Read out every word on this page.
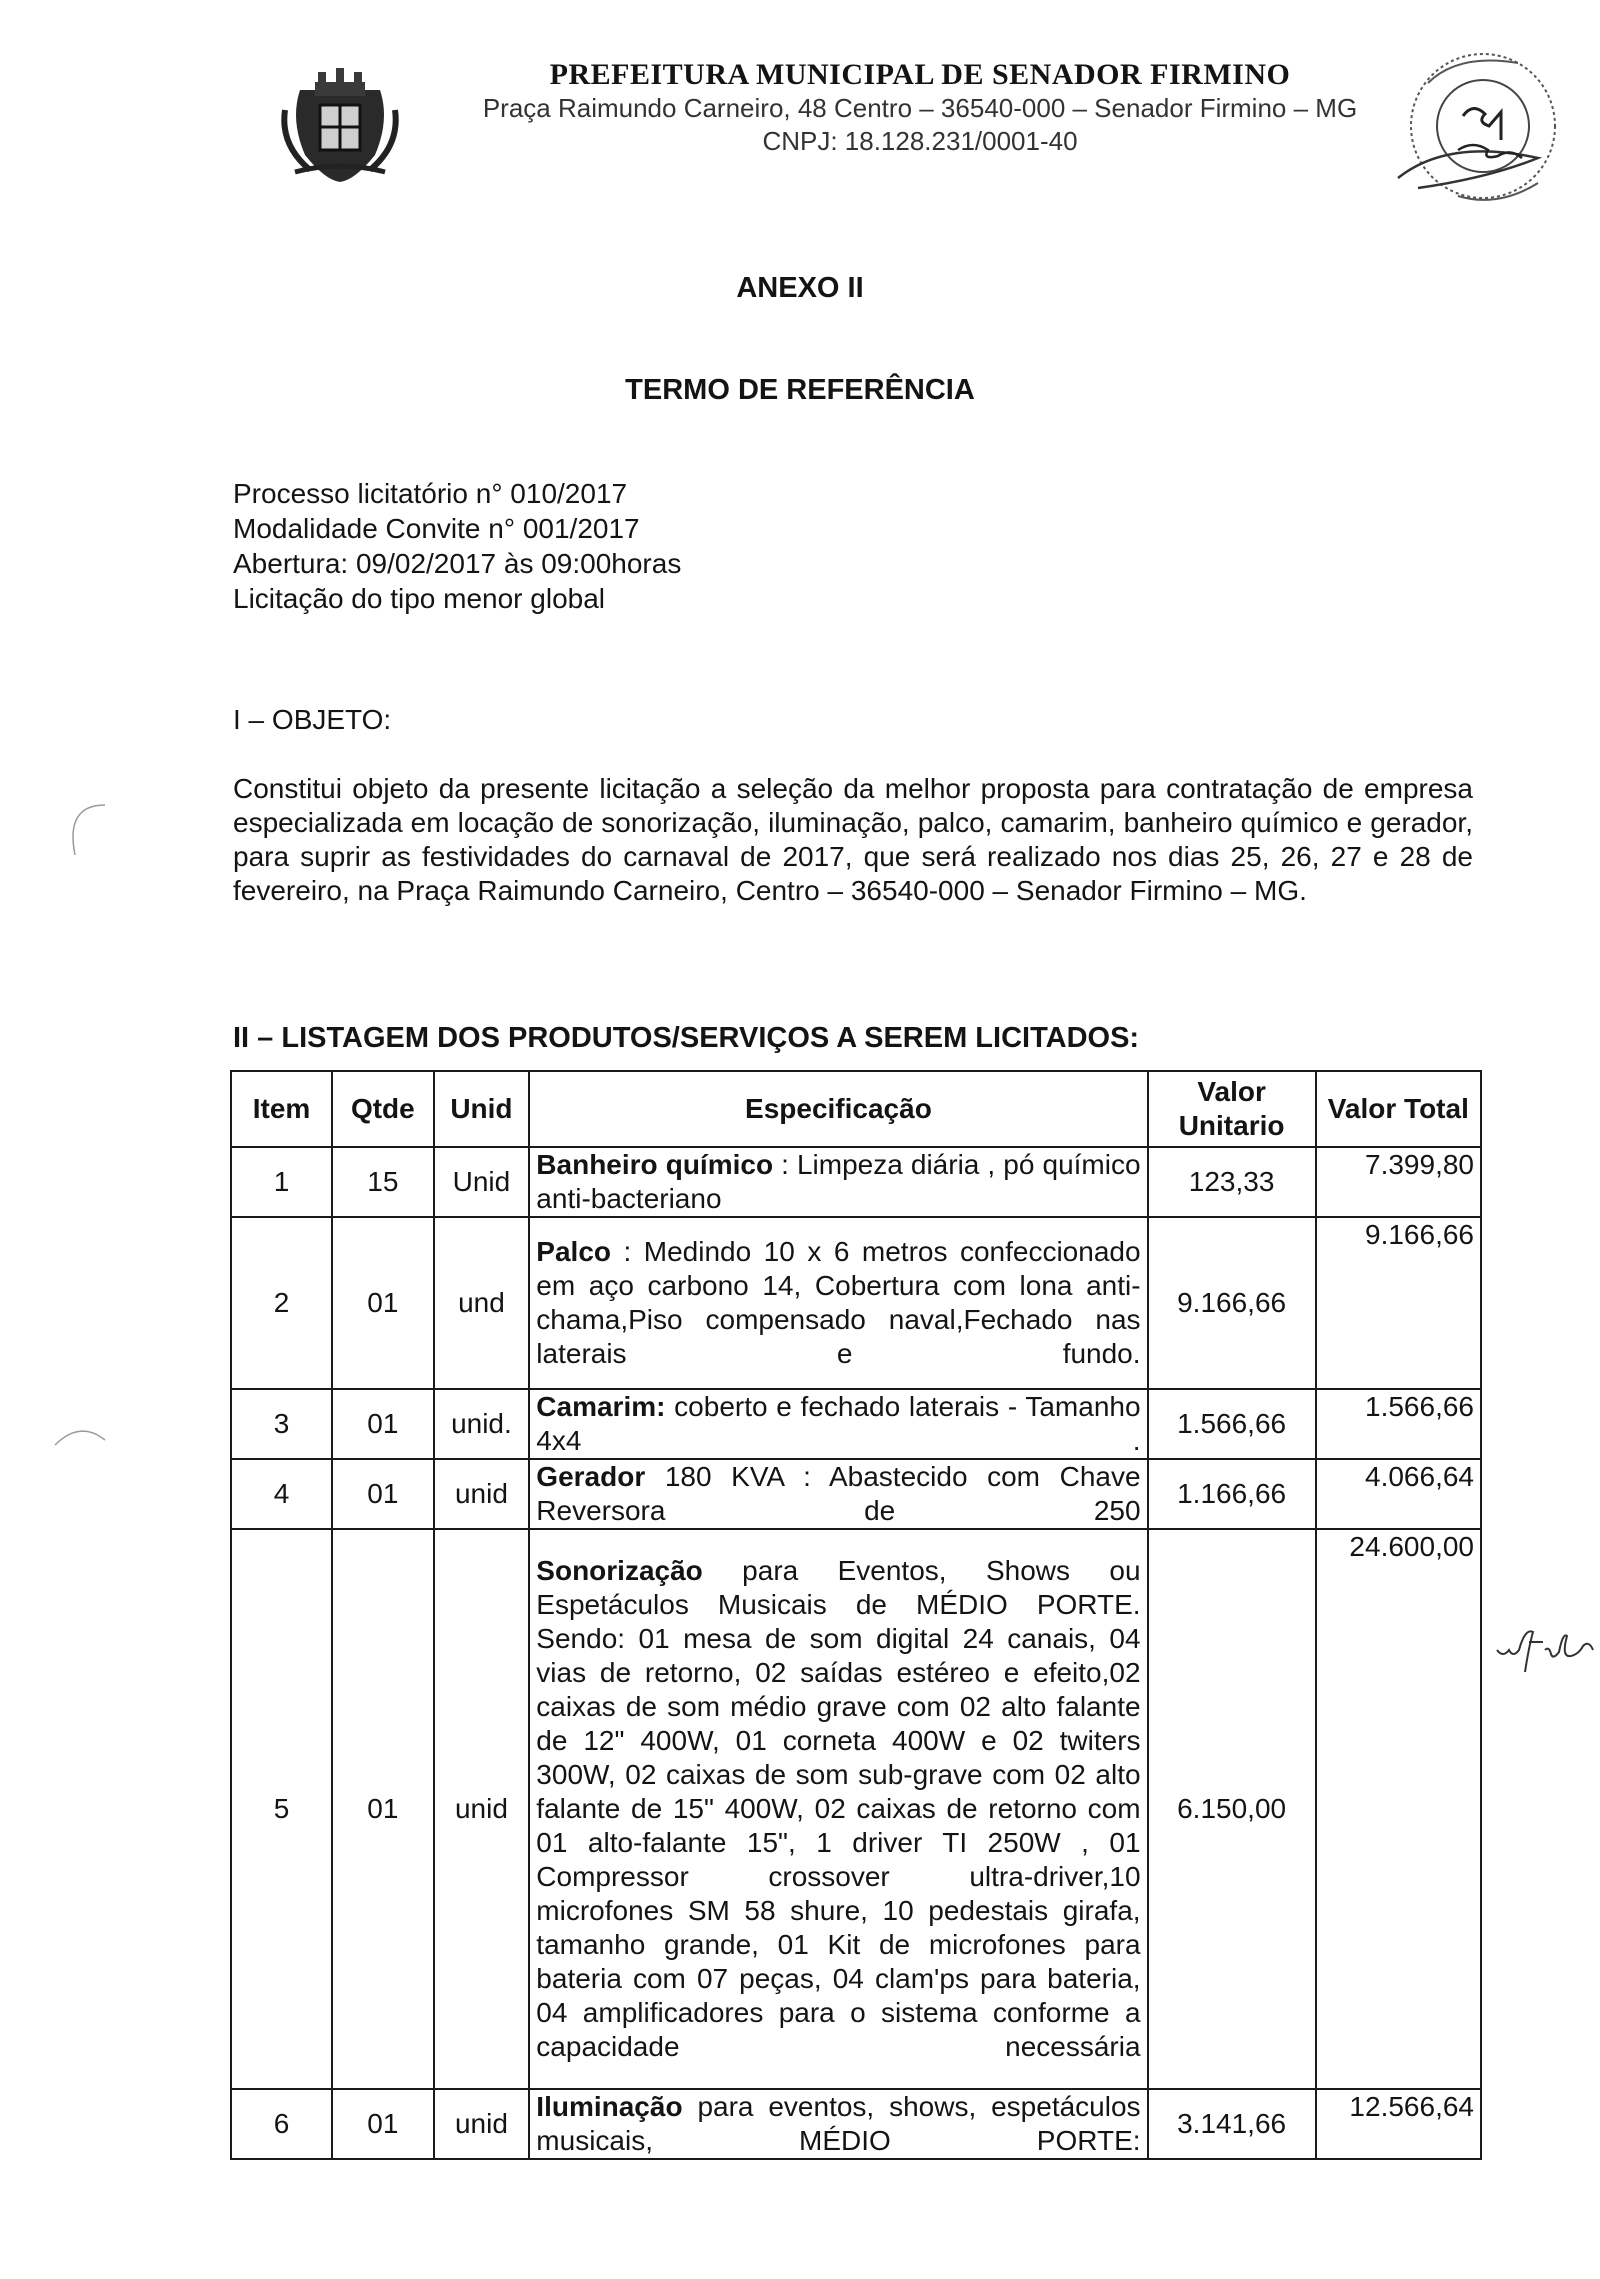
PREFEITURA MUNICIPAL DE SENADOR FIRMINO
Praça Raimundo Carneiro, 48 Centro – 36540-000 – Senador Firmino – MG
CNPJ: 18.128.231/0001-40
ANEXO II
TERMO DE REFERÊNCIA
Processo licitatório n° 010/2017
Modalidade Convite n° 001/2017
Abertura: 09/02/2017 às 09:00horas
Licitação do tipo menor global
I – OBJETO:
Constitui objeto da presente licitação a seleção da melhor proposta para contratação de empresa especializada em locação de sonorização, iluminação, palco, camarim, banheiro químico e gerador, para suprir as festividades do carnaval de 2017, que será realizado nos dias 25, 26, 27 e 28 de fevereiro, na Praça Raimundo Carneiro, Centro – 36540-000 – Senador Firmino – MG.
II – LISTAGEM DOS PRODUTOS/SERVIÇOS A SEREM LICITADOS:
Item	Qtde	Unid	Especificação	Valor Unitario	Valor Total
1	15	Unid	Banheiro químico : Limpeza diária , pó químico anti-bacteriano	123,33	7.399,80
2	01	und	Palco : Medindo 10 x 6 metros confeccionado em aço carbono 14, Cobertura com lona anti-chama,Piso compensado naval,Fechado nas laterais e fundo.	9.166,66	9.166,66
3	01	unid.	Camarim: coberto e fechado laterais - Tamanho 4x4 .	1.566,66	1.566,66
4	01	unid	Gerador 180 KVA : Abastecido com Chave Reversora de 250	1.166,66	4.066,64
5	01	unid	Sonorização para Eventos, Shows ou Espetáculos Musicais de MÉDIO PORTE. Sendo: 01 mesa de som digital 24 canais, 04 vias de retorno, 02 saídas estéreo e efeito,02 caixas de som médio grave com 02 alto falante de 12" 400W, 01 corneta 400W e 02 twiters 300W, 02 caixas de som sub-grave com 02 alto falante de 15" 400W, 02 caixas de retorno com 01 alto-falante 15", 1 driver TI 250W , 01 Compressor crossover ultra-driver,10 microfones SM 58 shure, 10 pedestais girafa, tamanho grande, 01 Kit de microfones para bateria com 07 peças, 04 clam'ps para bateria, 04 amplificadores para o sistema conforme a capacidade necessária	6.150,00	24.600,00
6	01	unid	Iluminação para eventos, shows, espetáculos musicais, MÉDIO PORTE:	3.141,66	12.566,64
